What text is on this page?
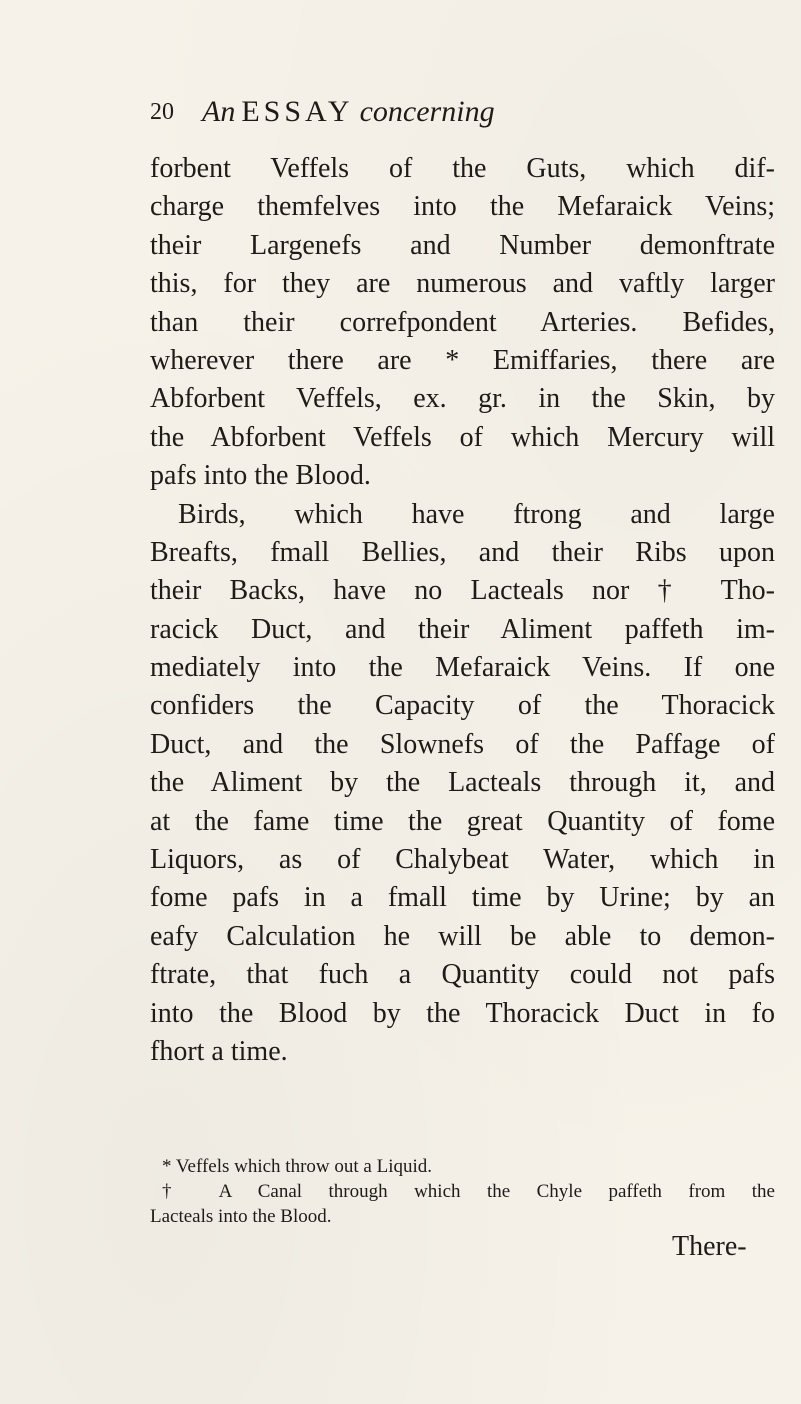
20 An ESSAY concerning
forbent Veffels of the Guts, which dif-
charge themfelves into the Mefaraick Veins;
their Largenefs and Number demonftrate
this, for they are numerous and vaftly larger
than their correfpondent Arteries. Befides,
wherever there are * Emiffaries, there are
Abforbent Veffels, ex. gr. in the Skin, by
the Abforbent Veffels of which Mercury will
pafs into the Blood.
Birds, which have ftrong and large
Breafts, fmall Bellies, and their Ribs upon
their Backs, have no Lacteals nor † Tho-
racick Duct, and their Aliment paffeth im-
mediately into the Mefaraick Veins. If one
confiders the Capacity of the Thoracick
Duct, and the Slownefs of the Paffage of
the Aliment by the Lacteals through it, and
at the fame time the great Quantity of fome
Liquors, as of Chalybeat Water, which in
fome pafs in a fmall time by Urine; by an
eafy Calculation he will be able to demon-
ftrate, that fuch a Quantity could not pafs
into the Blood by the Thoracick Duct in fo
fhort a time.
* Veffels which throw out a Liquid.
† A Canal through which the Chyle paffeth from the
Lacteals into the Blood.
There-
